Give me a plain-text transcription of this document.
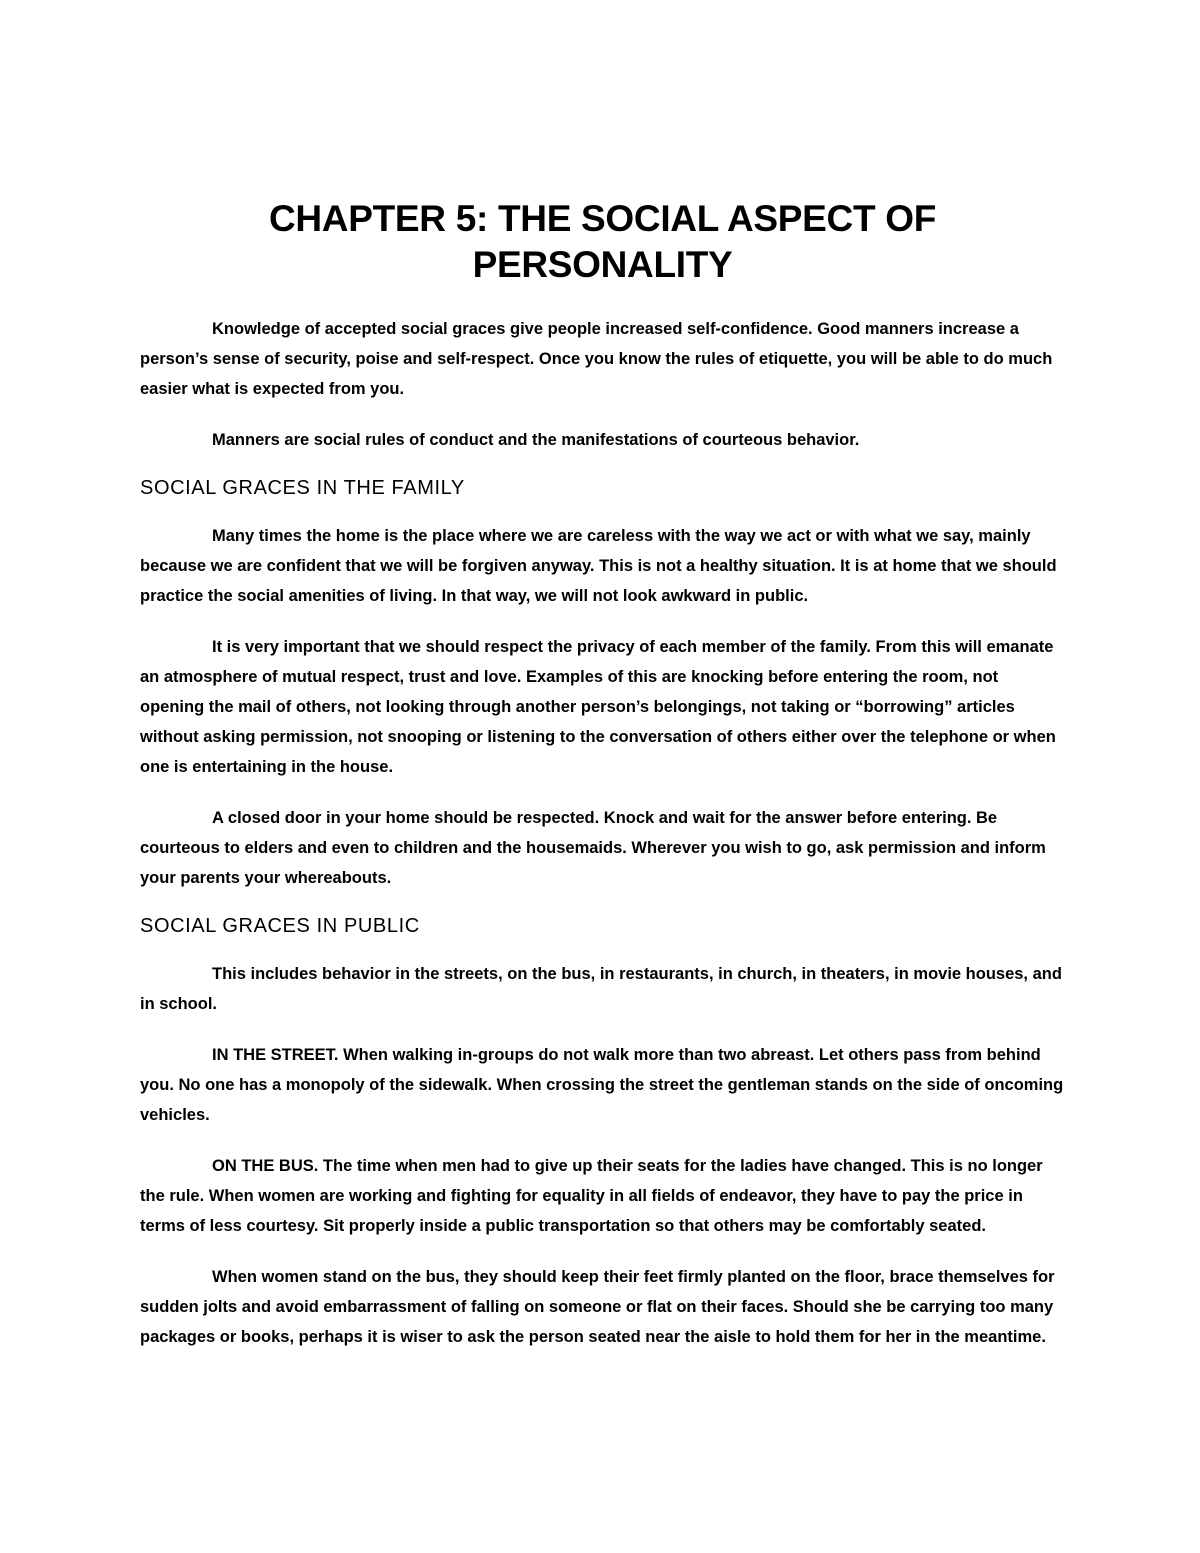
CHAPTER 5: THE SOCIAL ASPECT OF PERSONALITY

Knowledge of accepted social graces give people increased self-confidence. Good manners increase a person’s sense of security, poise and self-respect. Once you know the rules of etiquette, you will be able to do much easier what is expected from you.

Manners are social rules of conduct and the manifestations of courteous behavior.

SOCIAL GRACES IN THE FAMILY

Many times the home is the place where we are careless with the way we act or with what we say, mainly because we are confident that we will be forgiven anyway. This is not a healthy situation. It is at home that we should practice the social amenities of living. In that way, we will not look awkward in public.

It is very important that we should respect the privacy of each member of the family. From this will emanate an atmosphere of mutual respect, trust and love. Examples of this are knocking before entering the room, not opening the mail of others, not looking through another person’s belongings, not taking or “borrowing” articles without asking permission, not snooping or listening to the conversation of others either over the telephone or when one is entertaining in the house.

A closed door in your home should be respected. Knock and wait for the answer before entering. Be courteous to elders and even to children and the housemaids. Wherever you wish to go, ask permission and inform your parents your whereabouts.

SOCIAL GRACES IN PUBLIC

This includes behavior in the streets, on the bus, in restaurants, in church, in theaters, in movie houses, and in school.

IN THE STREET. When walking in-groups do not walk more than two abreast. Let others pass from behind you. No one has a monopoly of the sidewalk. When crossing the street the gentleman stands on the side of oncoming vehicles.

ON THE BUS. The time when men had to give up their seats for the ladies have changed. This is no longer the rule. When women are working and fighting for equality in all fields of endeavor, they have to pay the price in terms of less courtesy. Sit properly inside a public transportation so that others may be comfortably seated.

When women stand on the bus, they should keep their feet firmly planted on the floor, brace themselves for sudden jolts and avoid embarrassment of falling on someone or flat on their faces. Should she be carrying too many packages or books, perhaps it is wiser to ask the person seated near the aisle to hold them for her in the meantime.
